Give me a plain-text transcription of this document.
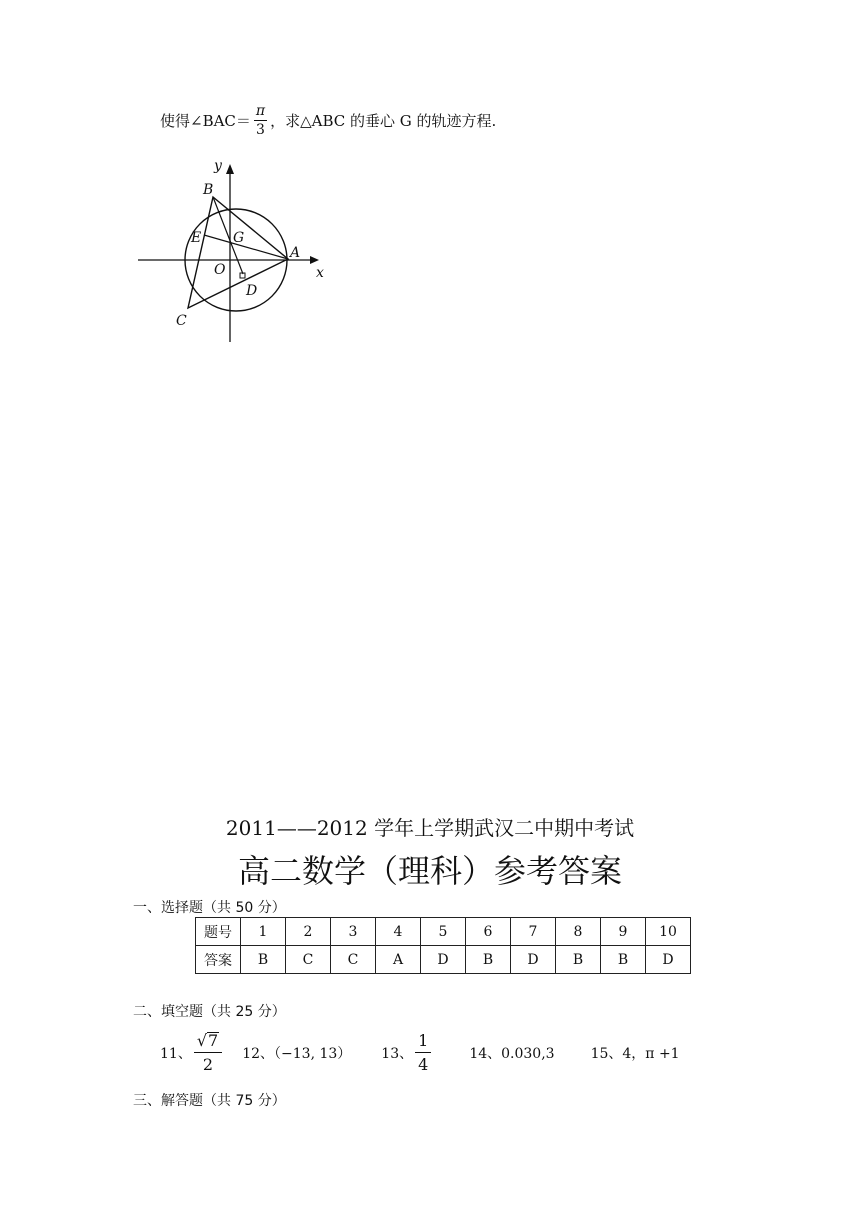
使得∠BAC＝ $\frac{\pi}{3}$ ，求△ABC 的垂心 G 的轨迹方程.
y
x
B
E G
O
A
D
C
2011——2012 学年上学期武汉二中期中考试
高二数学（理科）参考答案
一、选择题（共 50 分）
题号	1	2	3	4	5	6	7	8	9	10
答案	B	C	C	A	D	B	D	B	B	D
二、填空题（共 25 分）
11、 $\frac{√ 7}{2} 12$、（−13, 13） 13、 $\frac{1}{4}$	14、0.030,3	15、4，π +1
三、解答题（共 75 分）
